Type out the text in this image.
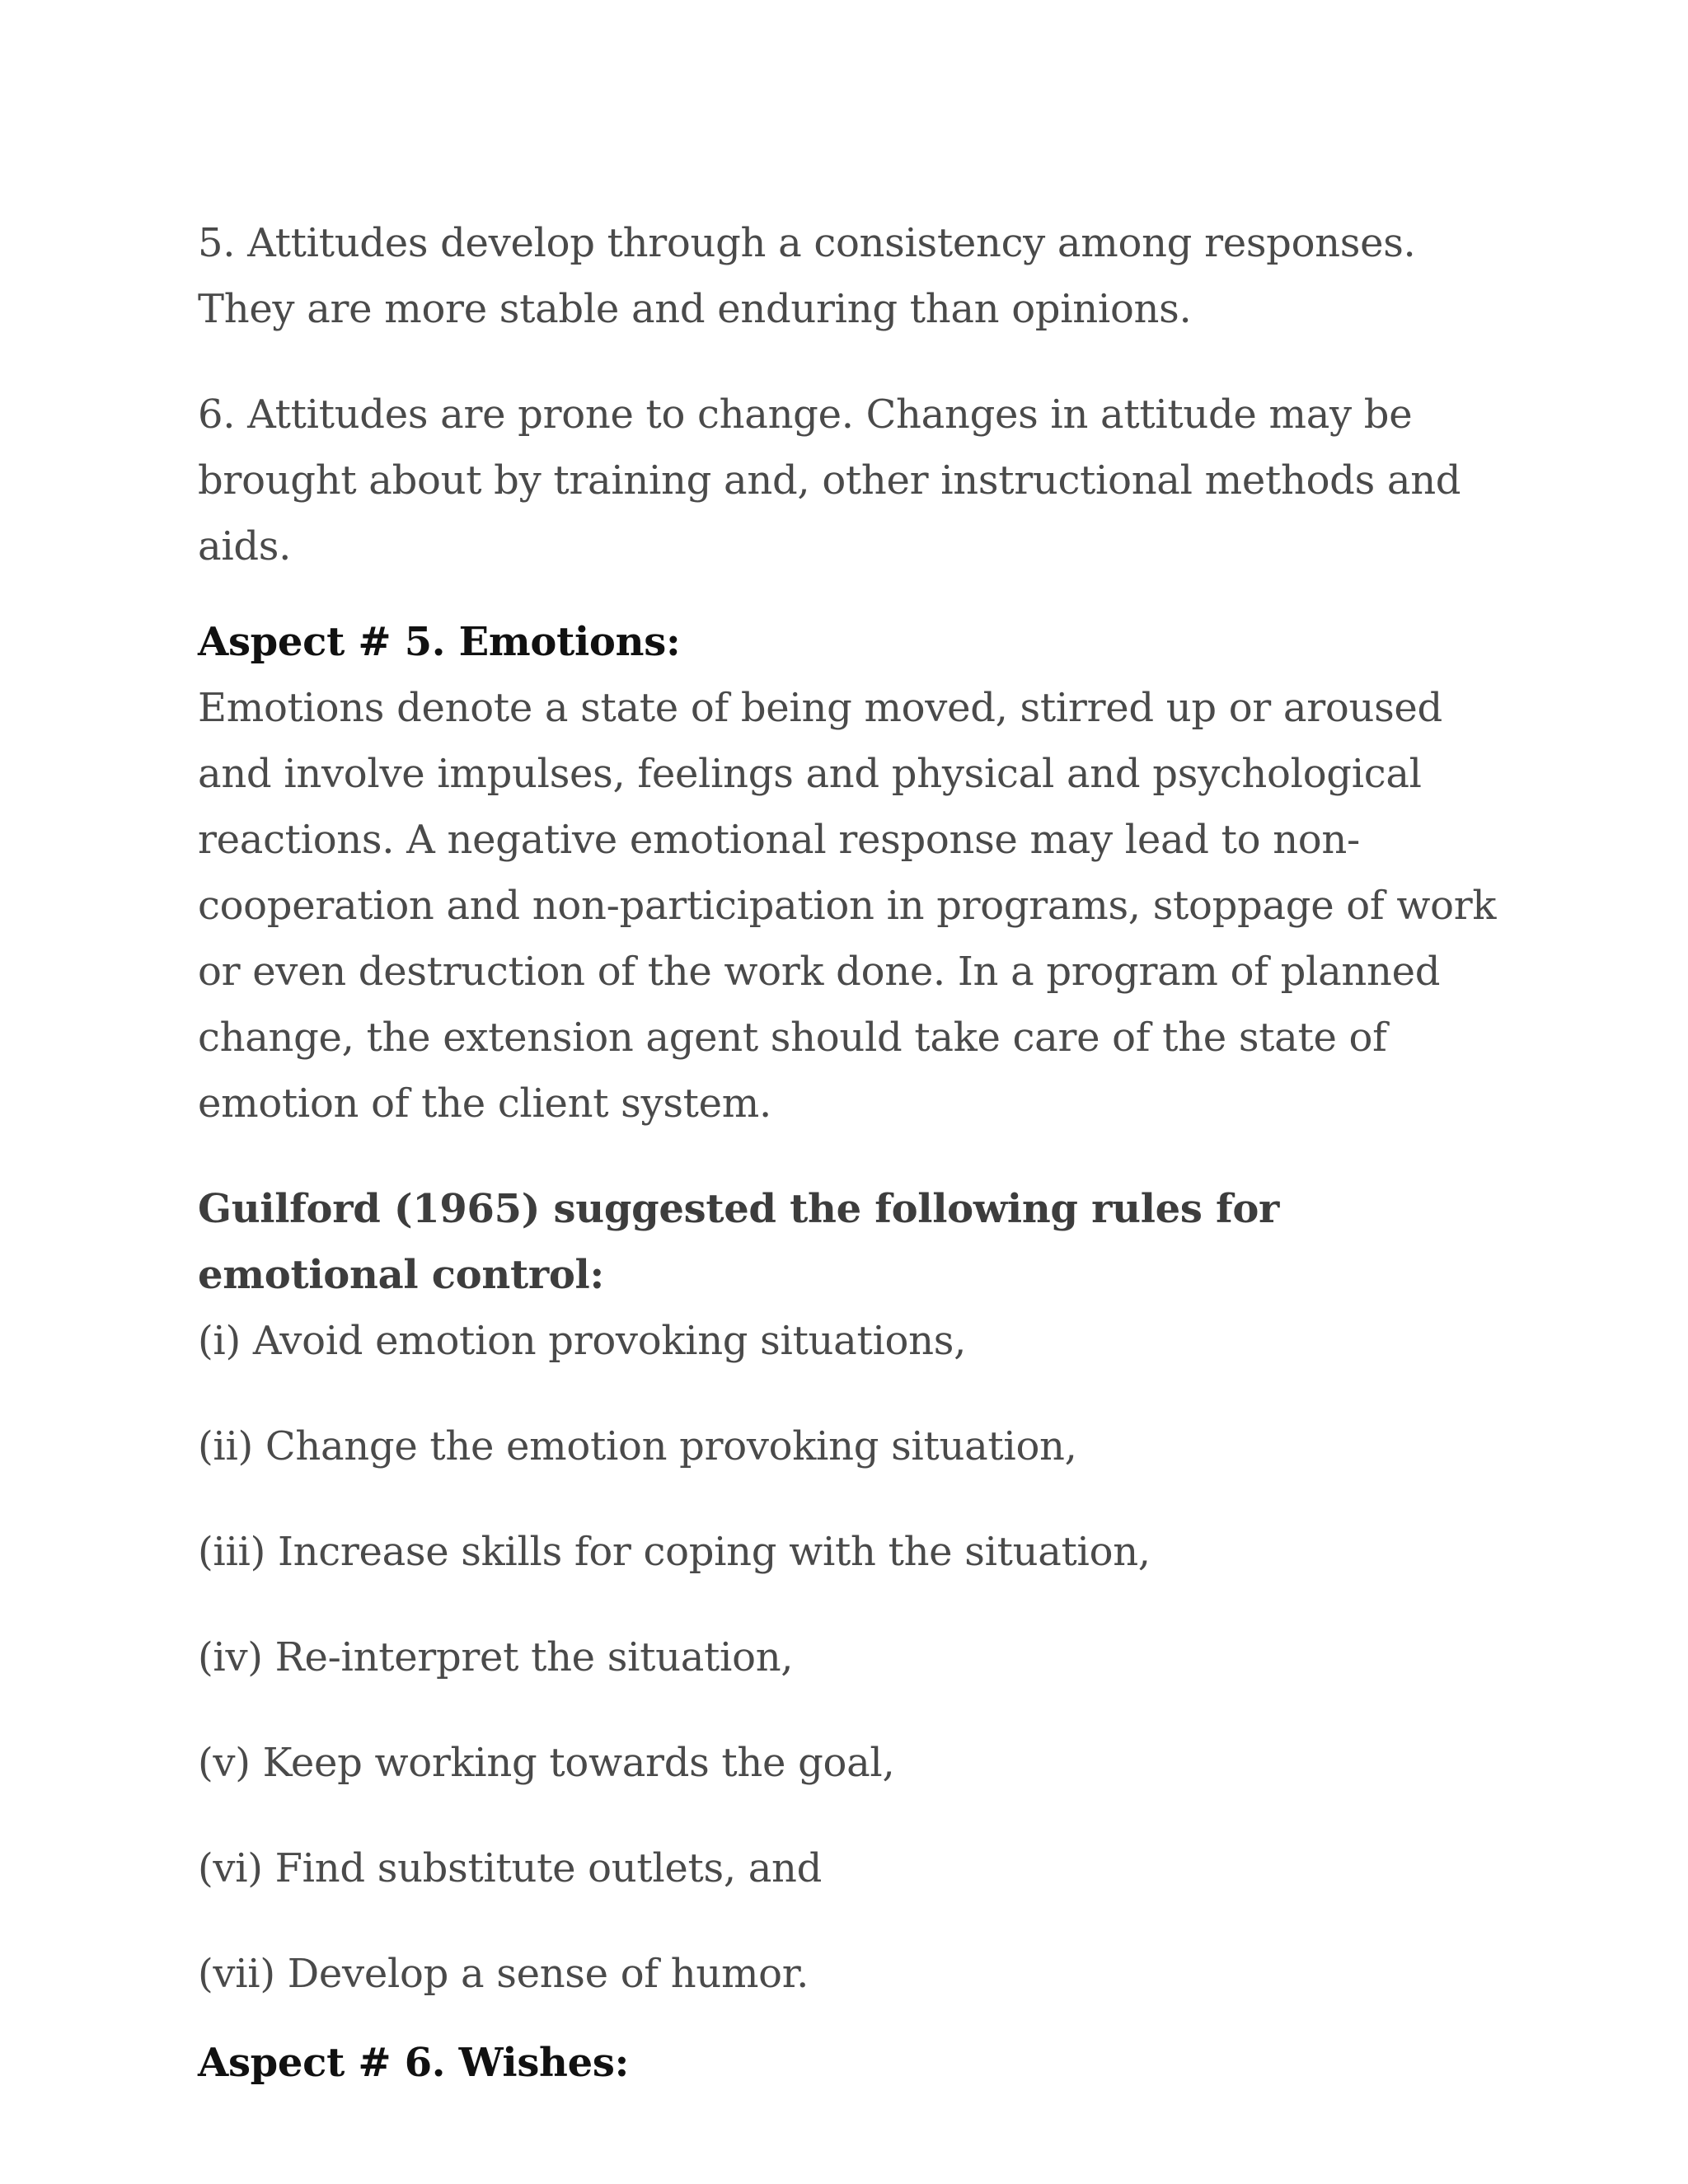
5. Attitudes develop through a consistency among responses. They are more stable and enduring than opinions.

6. Attitudes are prone to change. Changes in attitude may be brought about by training and, other instructional methods and aids.

Aspect # 5. Emotions:

Emotions denote a state of being moved, stirred up or aroused and involve impulses, feelings and physical and psychological reactions. A negative emotional response may lead to non-cooperation and non-participation in programs, stoppage of work or even destruction of the work done. In a program of planned change, the extension agent should take care of the state of emotion of the client system.

Guilford (1965) suggested the following rules for emotional control:
(i) Avoid emotion provoking situations,
(ii) Change the emotion provoking situation,
(iii) Increase skills for coping with the situation,
(iv) Re-interpret the situation,
(v) Keep working towards the goal,
(vi) Find substitute outlets, and
(vii) Develop a sense of humor.
Aspect # 6. Wishes:
